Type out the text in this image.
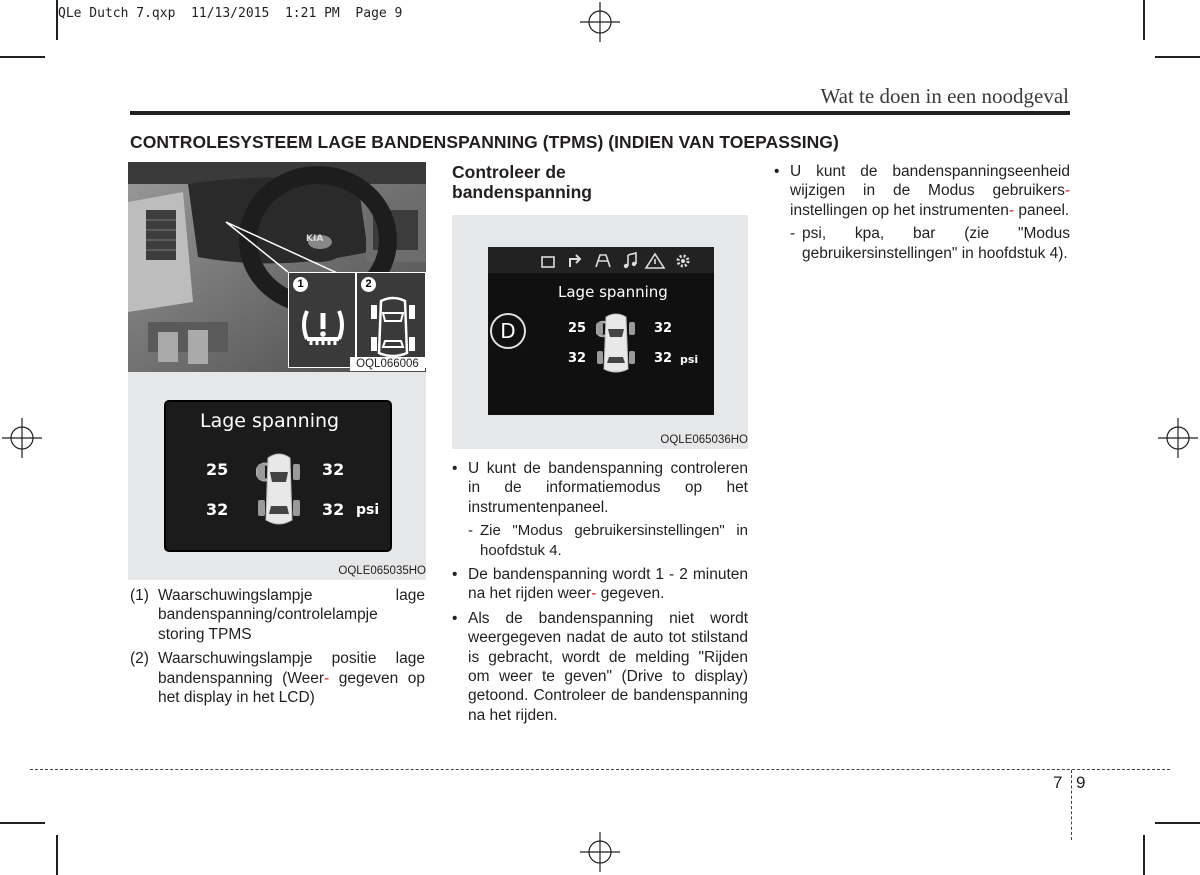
QLe Dutch 7.qxp  11/13/2015  1:21 PM  Page 9
Wat te doen in een noodgeval
CONTROLESYSTEEM LAGE BANDENSPANNING (TPMS) (INDIEN VAN TOEPASSING)
KIA
1	2
OQL066006
Lage spanning
25	32
32	32 psi
OQLE065035HO
(1) Waarschuwingslampje lage bandenspanning/controlelampje storing TPMS
(2) Waarschuwingslampje positie lage bandenspanning (Weer- gegeven op het display in het LCD)
Controleer de bandenspanning
Lage spanning
25	32
32	32 psi
D
OQLE065036HO
• U kunt de bandenspanning controleren in de informatiemodus op het instrumentenpaneel.
- Zie "Modus gebruikersinstellingen" in hoofdstuk 4.
• De bandenspanning wordt 1 - 2 minuten na het rijden weer- gegeven.
• Als de bandenspanning niet wordt weergegeven nadat de auto tot stilstand is gebracht, wordt de melding "Rijden om weer te geven" (Drive to display) getoond. Controleer de bandenspanning na het rijden.
• U kunt de bandenspanningseenheid wijzigen in de Modus gebruikers- instellingen op het instrumenten- paneel.
- psi, kpa, bar (zie "Modus gebruikersinstellingen" in hoofdstuk 4).
7 9
